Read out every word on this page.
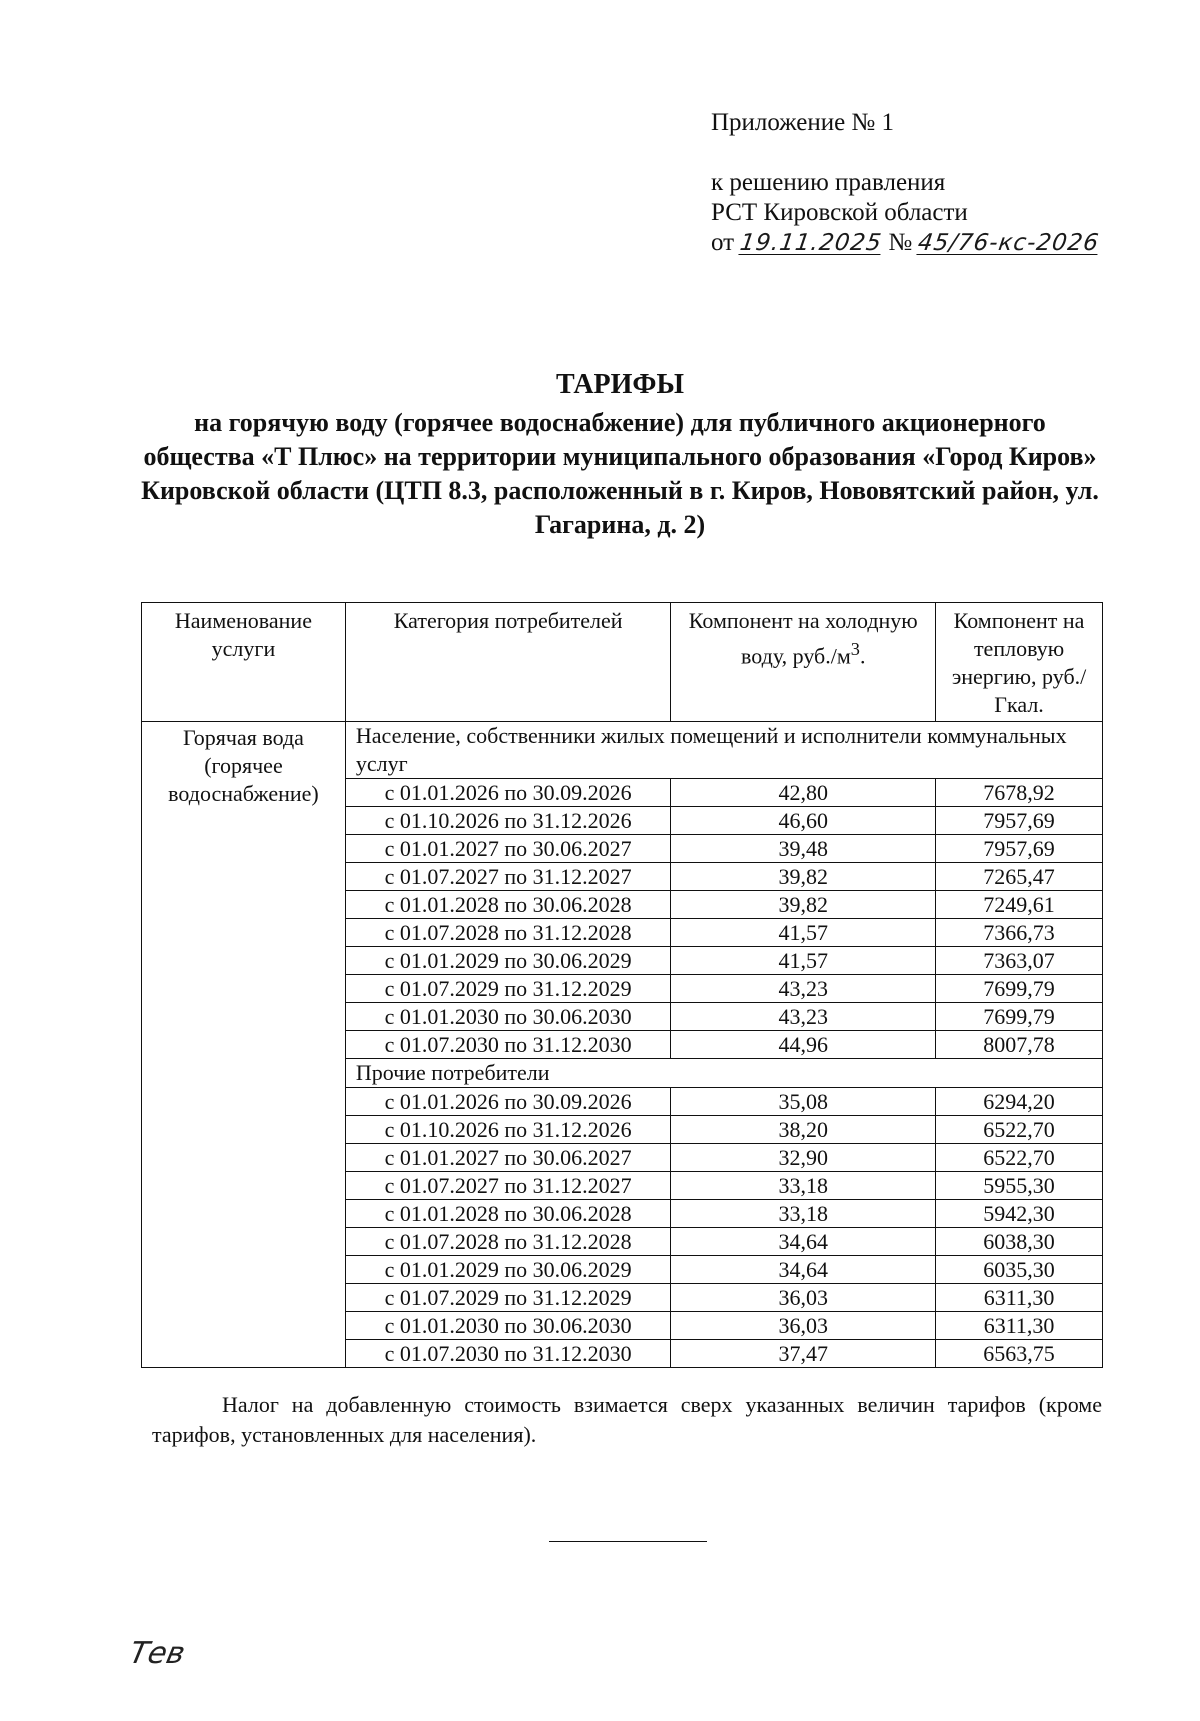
Приложение № 1
к решению правления
РСТ Кировской области
от 19.11.2025 № 45/76-кс-2026
ТАРИФЫ
на горячую воду (горячее водоснабжение) для публичного акционерного общества «Т Плюс» на территории муниципального образования «Город Киров» Кировской области (ЦТП 8.3, расположенный в г. Киров, Нововятский район, ул. Гагарина, д. 2)
Наименование услуги	Категория потребителей	Компонент на холодную воду, $руб./м^3$.	Компонент на тепловую энергию, руб./Гкал.
Горячая вода (горячее водоснабжение)	Население, собственники жилых помещений и исполнители коммунальных услуг		
	с 01.01.2026 по 30.09.2026	42,80	7678,92
	с 01.10.2026 по 31.12.2026	46,60	7957,69
	с 01.01.2027 по 30.06.2027	39,48	7957,69
	с 01.07.2027 по 31.12.2027	39,82	7265,47
	с 01.01.2028 по 30.06.2028	39,82	7249,61
	с 01.07.2028 по 31.12.2028	41,57	7366,73
	с 01.01.2029 по 30.06.2029	41,57	7363,07
	с 01.07.2029 по 31.12.2029	43,23	7699,79
	с 01.01.2030 по 30.06.2030	43,23	7699,79
	с 01.07.2030 по 31.12.2030	44,96	8007,78
	Прочие потребители		
	с 01.01.2026 по 30.09.2026	35,08	6294,20
	с 01.10.2026 по 31.12.2026	38,20	6522,70
	с 01.01.2027 по 30.06.2027	32,90	6522,70
	с 01.07.2027 по 31.12.2027	33,18	5955,30
	с 01.01.2028 по 30.06.2028	33,18	5942,30
	с 01.07.2028 по 31.12.2028	34,64	6038,30
	с 01.01.2029 по 30.06.2029	34,64	6035,30
	с 01.07.2029 по 31.12.2029	36,03	6311,30
	с 01.01.2030 по 30.06.2030	36,03	6311,30
	с 01.07.2030 по 31.12.2030	37,47	6563,75
Налог на добавленную стоимость взимается сверх указанных величин тарифов (кроме тарифов, установленных для населения).
Тев
